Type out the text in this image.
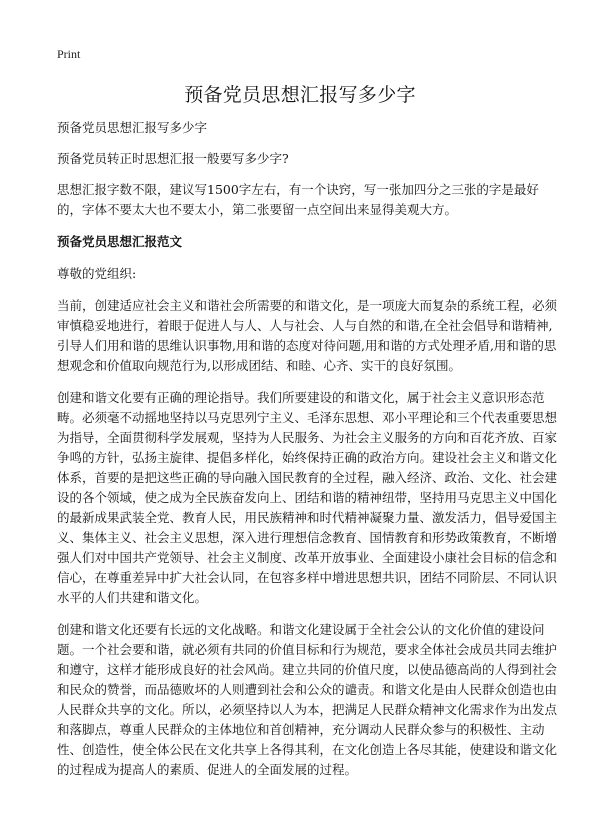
Print
预备党员思想汇报写多少字

预备党员思想汇报写多少字

预备党员转正时思想汇报一般要写多少字?

思想汇报字数不限，建议写1500字左右，有一个诀窍，写一张加四分之三张的字是最好的，字体不要太大也不要太小，第二张要留一点空间出来显得美观大方。

预备党员思想汇报范文

尊敬的党组织:

当前，创建适应社会主义和谐社会所需要的和谐文化，是一项庞大而复杂的系统工程，必须审慎稳妥地进行，着眼于促进人与人、人与社会、人与自然的和谐,在全社会倡导和谐精神,引导人们用和谐的思维认识事物,用和谐的态度对待问题,用和谐的方式处理矛盾,用和谐的思想观念和价值取向规范行为,以形成团结、和睦、心齐、实干的良好氛围。

创建和谐文化要有正确的理论指导。我们所要建设的和谐文化，属于社会主义意识形态范畴。必须毫不动摇地坚持以马克思列宁主义、毛泽东思想、邓小平理论和三个代表重要思想为指导，全面贯彻科学发展观，坚持为人民服务、为社会主义服务的方向和百花齐放、百家争鸣的方针，弘扬主旋律、提倡多样化，始终保持正确的政治方向。建设社会主义和谐文化体系，首要的是把这些正确的导向融入国民教育的全过程，融入经济、政治、文化、社会建设的各个领域，使之成为全民族奋发向上、团结和谐的精神纽带，坚持用马克思主义中国化的最新成果武装全党、教育人民，用民族精神和时代精神凝聚力量、激发活力，倡导爱国主义、集体主义、社会主义思想，深入进行理想信念教育、国情教育和形势政策教育，不断增强人们对中国共产党领导、社会主义制度、改革开放事业、全面建设小康社会目标的信念和信心，在尊重差异中扩大社会认同，在包容多样中增进思想共识，团结不同阶层、不同认识水平的人们共建和谐文化。

创建和谐文化还要有长远的文化战略。和谐文化建设属于全社会公认的文化价值的建设问题。一个社会要和谐，就必须有共同的价值目标和行为规范，要求全体社会成员共同去维护和遵守，这样才能形成良好的社会风尚。建立共同的价值尺度，以使品德高尚的人得到社会和民众的赞誉，而品德败坏的人则遭到社会和公众的谴责。和谐文化是由人民群众创造也由人民群众共享的文化。所以，必须坚持以人为本，把满足人民群众精神文化需求作为出发点和落脚点，尊重人民群众的主体地位和首创精神，充分调动人民群众参与的积极性、主动性、创造性，使全体公民在文化共享上各得其利，在文化创造上各尽其能，使建设和谐文化的过程成为提高人的素质、促进人的全面发展的过程。
